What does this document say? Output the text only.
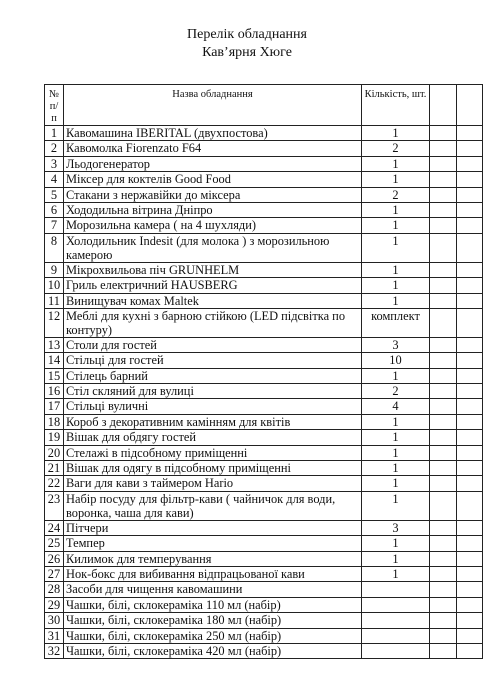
Перелік обладнання
Кав’ярня Хюге
№ п/п	Назва обладнання	Кількість, шт.		
1	Кавомашина IBERITAL (двухпостова)	1		
2	Кавомолка Fiorenzato F64	2		
3	Льодогенератор	1		
4	Міксер для коктелів Good Food	1		
5	Стакани з нержавійки до міксера	2		
6	Хододильна вітрина Дніпро	1		
7	Морозильна камера ( на 4 шухляди)	1		
8	Холодильник Indesit (для молока ) з морозильною камерою	1		
9	Мікрохвильова піч GRUNHELM	1		
10	Гриль електричний HAUSBERG	1		
11	Винищувач комах Maltek	1		
12	Меблі для кухні з барною стійкою (LED підсвітка по контуру)	комплект		
13	Столи для гостей	3		
14	Стільці для гостей	10		
15	Стілець барний	1		
16	Стіл скляний для вулиці	2		
17	Стільці вуличні	4		
18	Короб з декоративним камінням для квітів	1		
19	Вішак для обдягу гостей	1		
20	Стелажі в підсобному приміщенні	1		
21	Вішак для одягу в підсобному приміщенні	1		
22	Ваги для кави з таймером Hario	1		
23	Набір посуду для фільтр-кави ( чайничок для води, воронка, чаша для кави)	1		
24	Пітчери	3		
25	Темпер	1		
26	Килимок для темперування	1		
27	Нок-бокс для вибивання відпрацьованої кави	1		
28	Засоби для чищення кавомашини			
29	Чашки, білі, склокераміка 110 мл (набір)			
30	Чашки, білі, склокераміка 180 мл (набір)			
31	Чашки, білі, склокераміка 250 мл (набір)			
32	Чашки, білі, склокераміка 420 мл (набір)			
